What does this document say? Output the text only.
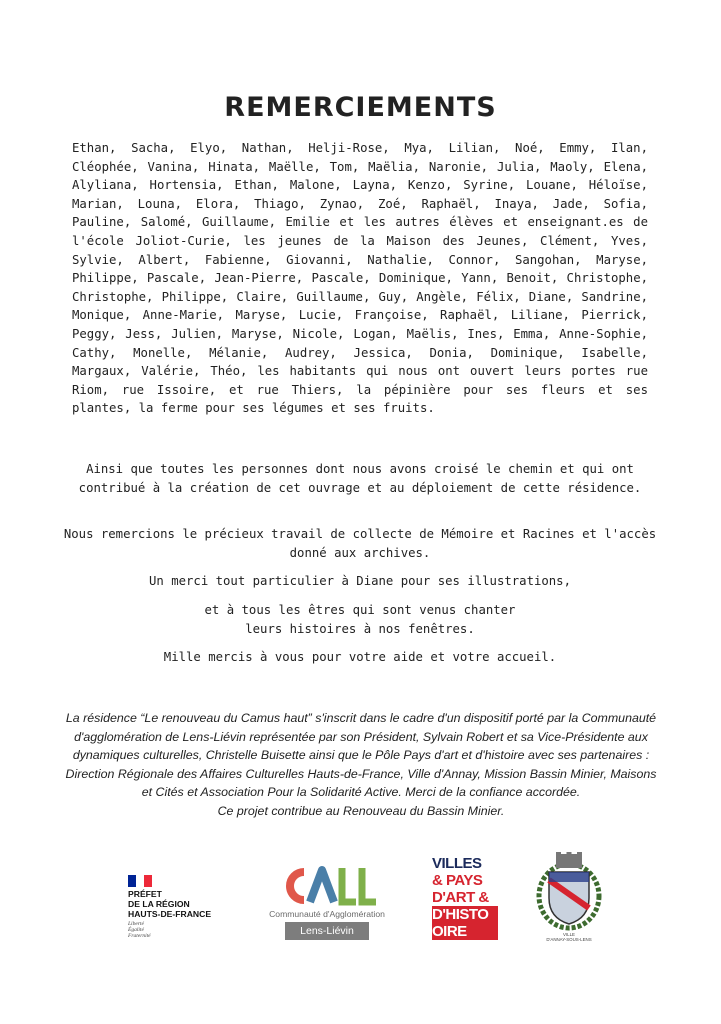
REMERCIEMENTS
Ethan, Sacha, Elyo, Nathan, Helji-Rose, Mya, Lilian, Noé, Emmy, Ilan, Cléophée, Vanina, Hinata, Maëlle, Tom, Maëlia, Naronie, Julia, Maoly, Elena, Alyliana, Hortensia, Ethan, Malone, Layna, Kenzo, Syrine, Louane, Héloïse, Marian, Louna, Elora, Thiago, Zynao, Zoé, Raphaël, Inaya, Jade, Sofia, Pauline, Salomé, Guillaume, Emilie et les autres élèves et enseignant.es de l'école Joliot-Curie, les jeunes de la Maison des Jeunes, Clément, Yves, Sylvie, Albert, Fabienne, Giovanni, Nathalie, Connor, Sangohan, Maryse, Philippe, Pascale, Jean-Pierre, Pascale, Dominique, Yann, Benoit, Christophe, Christophe, Philippe, Claire, Guillaume, Guy, Angèle, Félix, Diane, Sandrine, Monique, Anne-Marie, Maryse, Lucie, Françoise, Raphaël, Liliane, Pierrick, Peggy, Jess, Julien, Maryse, Nicole, Logan, Maëlis, Ines, Emma, Anne-Sophie, Cathy, Monelle, Mélanie, Audrey, Jessica, Donia, Dominique, Isabelle, Margaux, Valérie, Théo, les habitants qui nous ont ouvert leurs portes rue Riom, rue Issoire, et rue Thiers, la pépinière pour ses fleurs et ses plantes, la ferme pour ses légumes et ses fruits.
Ainsi que toutes les personnes dont nous avons croisé le chemin et qui ont contribué à la création de cet ouvrage et au déploiement de cette résidence.
Nous remercions le précieux travail de collecte de Mémoire et Racines et l'accès donné aux archives.
Un merci tout particulier à Diane pour ses illustrations,
et à tous les êtres qui sont venus chanter
leurs histoires à nos fenêtres.
Mille mercis à vous pour votre aide et votre accueil.
La résidence “Le renouveau du Camus haut” s'inscrit dans le cadre d'un dispositif porté par la Communauté d'agglomération de Lens-Liévin représentée par son Président, Sylvain Robert et sa Vice-Présidente aux dynamiques culturelles, Christelle Buisette ainsi que le Pôle Pays d'art et d'histoire avec ses partenaires : Direction Régionale des Affaires Culturelles Hauts-de-France, Ville d'Annay, Mission Bassin Minier, Maisons et Cités et Association Pour la Solidarité Active. Merci de la confiance accordée.
Ce projet contribue au Renouveau du Bassin Minier.
PRÉFET
DE LA RÉGION
HAUTS-DE-FRANCE
Liberté
Égalité
Fraternité
Communauté d'Agglomération
Lens-Liévin
VILLES
& PAYS
D'ART &
D'HISTO
OIRE	VILLE
D'ANNAY-SOUS-LENS
